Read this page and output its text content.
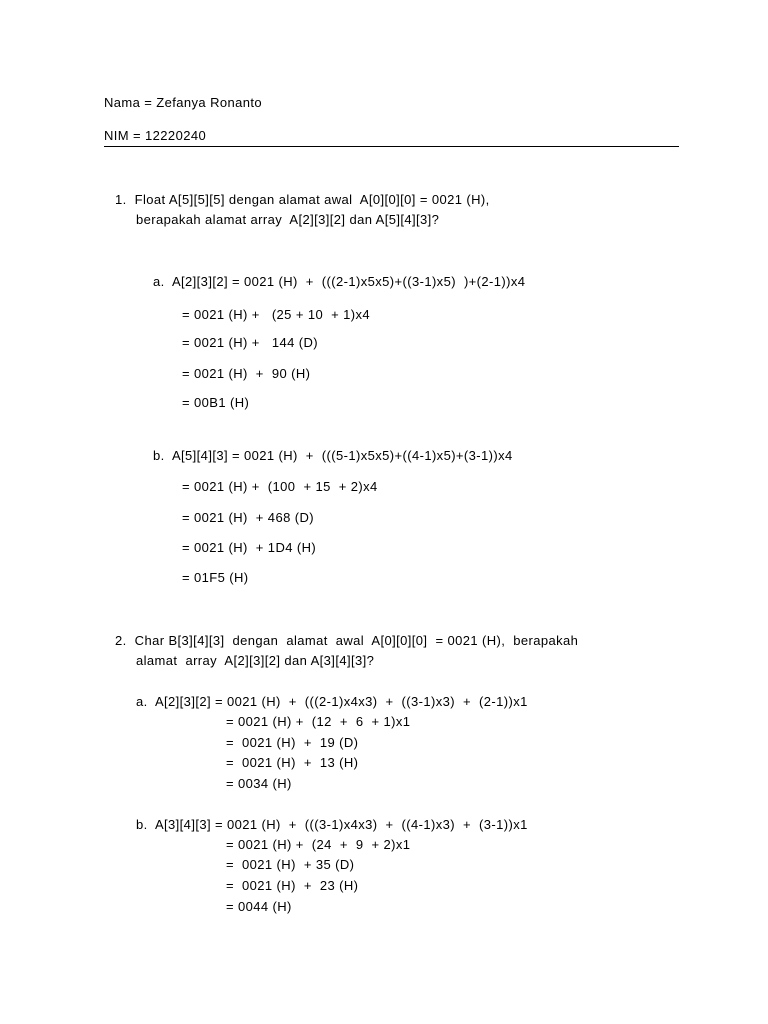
Nama = Zefanya Ronanto
NIM = 12220240
1.  Float A[5][5][5] dengan alamat awal  A[0][0][0] = 0021 (H),
berapakah alamat array  A[2][3][2] dan A[5][4][3]?
a.  A[2][3][2] = 0021 (H)  +  (((2-1)x5x5)+((3-1)x5)  )+(2-1))x4
= 0021 (H) +   (25 + 10  + 1)x4
= 0021 (H) +   144 (D)
= 0021 (H)  +  90 (H)
= 00B1 (H)
b.  A[5][4][3] = 0021 (H)  +  (((5-1)x5x5)+((4-1)x5)+(3-1))x4
= 0021 (H) +  (100  + 15  + 2)x4
= 0021 (H)  + 468 (D)
= 0021 (H)  + 1D4 (H)
= 01F5 (H)
2.  Char B[3][4][3]  dengan  alamat  awal  A[0][0][0]  = 0021 (H),  berapakah
alamat  array  A[2][3][2] dan A[3][4][3]?
a.  A[2][3][2] = 0021 (H)  +  (((2-1)x4x3)  +  ((3-1)x3)  +  (2-1))x1
= 0021 (H) +  (12  +  6  + 1)x1
=  0021 (H)  +  19 (D)
=  0021 (H)  +  13 (H)
= 0034 (H)
b.  A[3][4][3] = 0021 (H)  +  (((3-1)x4x3)  +  ((4-1)x3)  +  (3-1))x1
= 0021 (H) +  (24  +  9  + 2)x1
=  0021 (H)  + 35 (D)
=  0021 (H)  +  23 (H)
= 0044 (H)
